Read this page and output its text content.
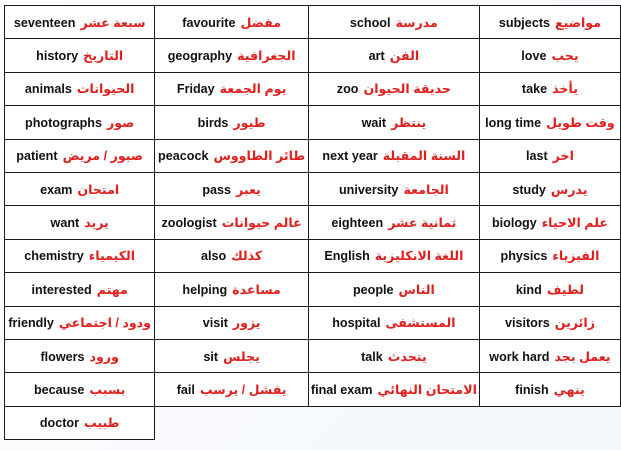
seventeen سبعة عشر	favourite مفضل	school مدرسة	subjects مواضيع
history التاريخ	geography الجغرافية	art الفن	love يحب
animals الحيوانات	Friday يوم الجمعة	zoo حديقة الحيوان	take يأخذ
photographs صور	birds طيور	wait ينتظر	long time وقت طويل
patient صبور / مريض	peacock طائر الطاووس	next year السنة المقبلة	last اخر
exam امتحان	pass يعبر	university الجامعة	study يدرس
want يريد	zoologist عالم حيوانات	eighteen ثمانية عشر	biology علم الاحياء
chemistry الكيمياء	also كذلك	English اللغة الانكليزية	physics الفيزياء
interested مهتم	helping مساعدة	people الناس	kind لطيف
friendly ودود / اجتماعي	visit يزور	hospital المستشفى	visitors زائرين
flowers ورود	sit يجلس	talk يتحدث	work hard يعمل بجد
because بسبب	fail يفشل / يرسب	final exam الامتحان النهائي	finish ينهي
doctor طبيب			
